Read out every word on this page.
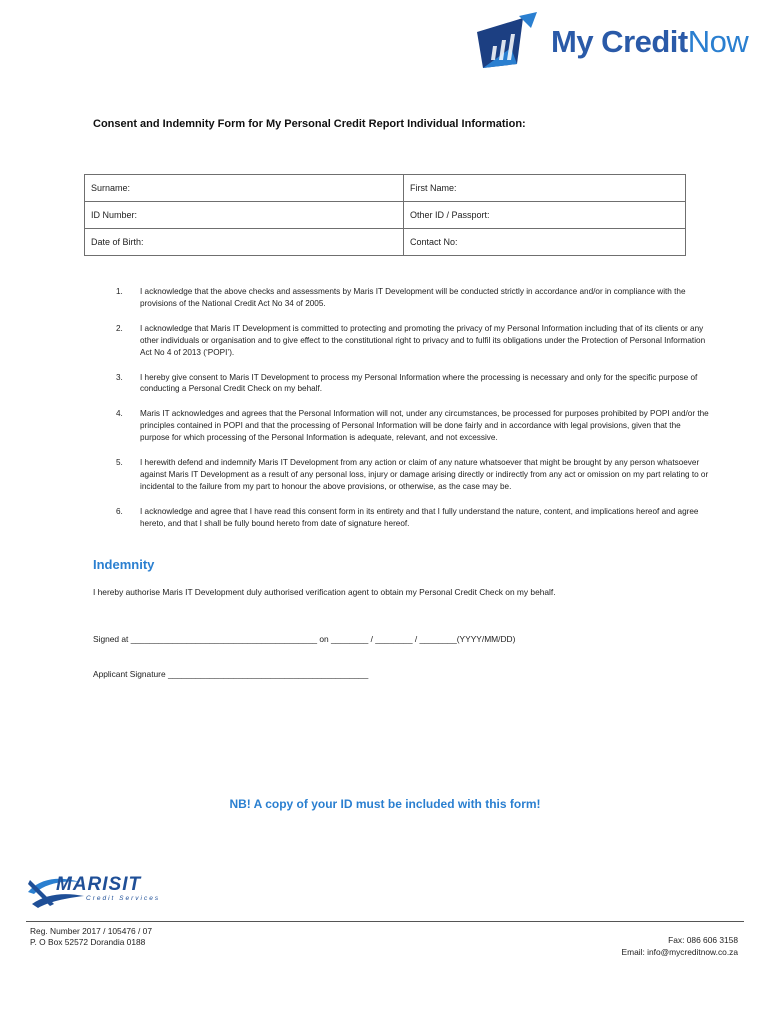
My CreditNow
Consent and Indemnity Form for My Personal Credit Report Individual Information:
Surname:	First Name:
ID Number:	Other ID / Passport:
Date of Birth:	Contact No:
1. I acknowledge that the above checks and assessments by Maris IT Development will be conducted strictly in accordance and/or in compliance with the provisions of the National Credit Act No 34 of 2005.
2. I acknowledge that Maris IT Development is committed to protecting and promoting the privacy of my Personal Information including that of its clients or any other individuals or organisation and to give effect to the constitutional right to privacy and to fulfil its obligations under the Protection of Personal Information Act No 4 of 2013 (‘POPI’).
3. I hereby give consent to Maris IT Development to process my Personal Information where the processing is necessary and only for the specific purpose of conducting a Personal Credit Check on my behalf.
4. Maris IT acknowledges and agrees that the Personal Information will not, under any circumstances, be processed for purposes prohibited by POPI and/or the principles contained in POPI and that the processing of Personal Information will be done fairly and in accordance with legal provisions, given that the purpose for which processing of the Personal Information is adequate, relevant, and not excessive.
5. I herewith defend and indemnify Maris IT Development from any action or claim of any nature whatsoever that might be brought by any person whatsoever against Maris IT Development as a result of any personal loss, injury or damage arising directly or indirectly from any act or omission on my part relating to or incidental to the failure from my part to honour the above provisions, or otherwise, as the case may be.
6. I acknowledge and agree that I have read this consent form in its entirety and that I fully understand the nature, content, and implications hereof and agree hereto, and that I shall be fully bound hereto from date of signature hereof.
Indemnity
I hereby authorise Maris IT Development duly authorised verification agent to obtain my Personal Credit Check on my behalf.
Signed at ________________________________________ on ________ / ________ / ________(YYYY/MM/DD)
Applicant Signature ___________________________________________
NB! A copy of your ID must be included with this form!
MARISIT
Credit Services
Reg. Number 2017 / 105476 / 07
P. O Box 52572 Dorandia 0188	Fax: 086 606 3158
Email: info@mycreditnow.co.za
